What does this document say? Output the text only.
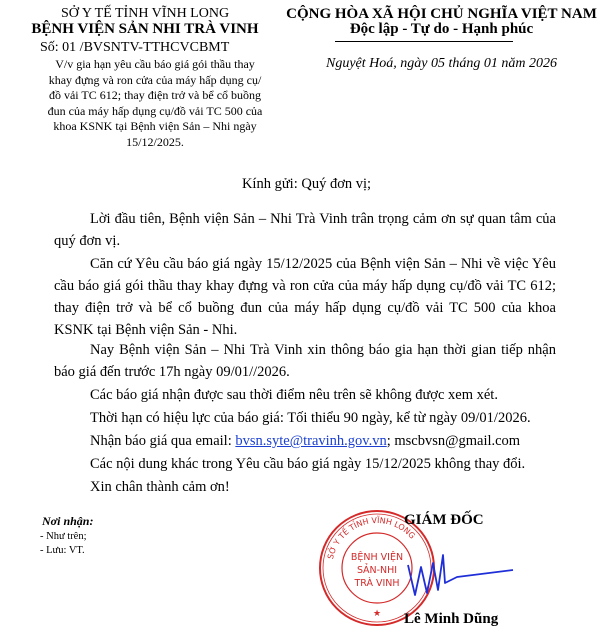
SỞ Y TẾ TỈNH VĨNH LONG
BỆNH VIỆN SẢN NHI TRÀ VINH
Số: 01 /BVSNTV-TTHCVCBMT
V/v gia hạn yêu cầu báo giá gói thầu thay khay đựng và ron cửa của máy hấp dụng cụ/đồ vải TC 612; thay điện trở và bể cổ buồng đun của máy hấp dụng cụ/đồ vải TC 500 của khoa KSNK tại Bệnh viện Sản – Nhi ngày 15/12/2025.
CỘNG HÒA XÃ HỘI CHỦ NGHĨA VIỆT NAM
Độc lập - Tự do - Hạnh phúc
Nguyệt Hoá, ngày 05 tháng 01 năm 2026
Kính gửi: Quý đơn vị;
Lời đầu tiên, Bệnh viện Sản – Nhi Trà Vinh trân trọng cảm ơn sự quan tâm của quý đơn vị.
Căn cứ Yêu cầu báo giá ngày 15/12/2025 của Bệnh viện Sản – Nhi về việc Yêu cầu báo giá gói thầu thay khay đựng và ron cửa của máy hấp dụng cụ/đồ vải TC 612; thay điện trở và bể cổ buồng đun của máy hấp dụng cụ/đồ vải TC 500 của khoa KSNK tại Bệnh viện Sản - Nhi.
Nay Bệnh viện Sản – Nhi Trà Vinh xin thông báo gia hạn thời gian tiếp nhận báo giá đến trước 17h ngày 09/01//2026.
Các báo giá nhận được sau thời điểm nêu trên sẽ không được xem xét.
Thời hạn có hiệu lực của báo giá: Tối thiểu 90 ngày, kể từ ngày 09/01/2026.
Nhận báo giá qua email: bvsn.syte@travinh.gov.vn; mscbvsn@gmail.com
Các nội dung khác trong Yêu cầu báo giá ngày 15/12/2025 không thay đổi.
Xin chân thành cảm ơn!
Nơi nhận:
- Như trên;
- Lưu: VT.
SỞ Y TẾ TỈNH VĨNH LONG
BỆNH VIỆN
SẢN-NHI
TRÀ VINH
★
GIÁM ĐỐC
Lê Minh Dũng
